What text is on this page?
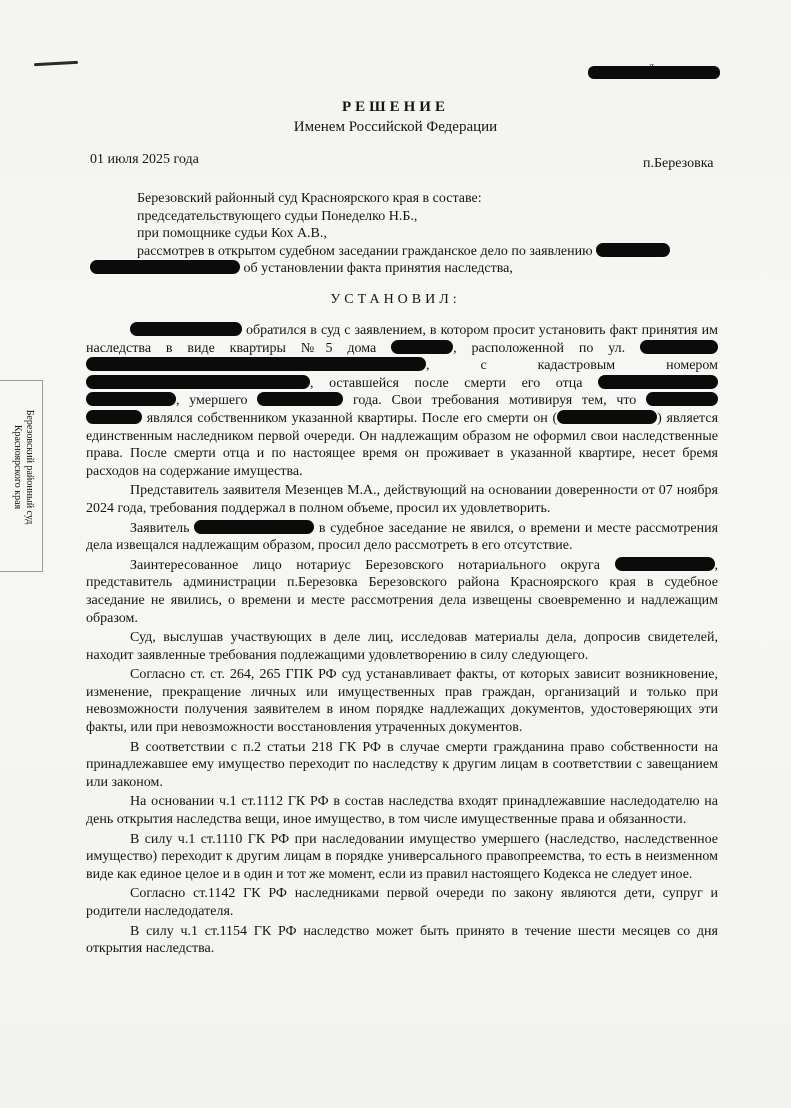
РЕШЕНИЕ
Именем Российской Федерации
01 июля 2025 года	п.Березовка
Березовский районный суд Красноярского края в составе:
председательствующего судьи Понеделко Н.Б.,
при помощнике судьи Кох А.В.,
рассмотрев в открытом судебном заседании гражданское дело по заявлению
об установлении факта принятия наследства,
УСТАНОВИЛ:

обратился в суд с заявлением, в котором просит установить факт принятия им наследства в виде квартиры №5 дома	, расположенной по ул.  , с кадастровым номером , оставшейся после смерти его отца  , умершего	года. Свои требования мотивируя тем, что   являлся собственником указанной квартиры. После его смерти он (	) является единственным наследником первой очереди. Он надлежащим образом не оформил свои наследственные права. После смерти отца и по настоящее время он проживает в указанной квартире, несет бремя расходов на содержание имущества.

Представитель заявителя Мезенцев М.А., действующий на основании доверенности от 07 ноября 2024 года, требования поддержал в полном объеме, просил их удовлетворить.

Заявитель	в судебное заседание не явился, о времени и месте рассмотрения дела извещался надлежащим образом, просил дело рассмотреть в его отсутствие.

Заинтересованное лицо нотариус Березовского нотариального округа	, представитель администрации п.Березовка Березовского района Красноярского края в судебное заседание не явились, о времени и месте рассмотрения дела извещены своевременно и надлежащим образом.

Суд, выслушав участвующих в деле лиц, исследовав материалы дела, допросив свидетелей, находит заявленные требования подлежащими удовлетворению в силу следующего.

Согласно ст. ст. 264, 265 ГПК РФ суд устанавливает факты, от которых зависит возникновение, изменение, прекращение личных или имущественных прав граждан, организаций и только при невозможности получения заявителем в ином порядке надлежащих документов, удостоверяющих эти факты, или при невозможности восстановления утраченных документов.

В соответствии с п.2 статьи 218 ГК РФ в случае смерти гражданина право собственности на принадлежавшее ему имущество переходит по наследству к другим лицам в соответствии с завещанием или законом.

На основании ч.1 ст.1112 ГК РФ в состав наследства входят принадлежавшие наследодателю на день открытия наследства вещи, иное имущество, в том числе имущественные права и обязанности.

В силу ч.1 ст.1110 ГК РФ при наследовании имущество умершего (наследство, наследственное имущество) переходит к другим лицам в порядке универсального правопреемства, то есть в неизменном виде как единое целое и в один и тот же момент, если из правил настоящего Кодекса не следует иное.

Согласно ст.1142 ГК РФ наследниками первой очереди по закону являются дети, супруг и родители наследодателя.

В силу ч.1 ст.1154 ГК РФ наследство может быть принято в течение шести месяцев со дня открытия наследства.

Березовский районный суд
Красноярского края
